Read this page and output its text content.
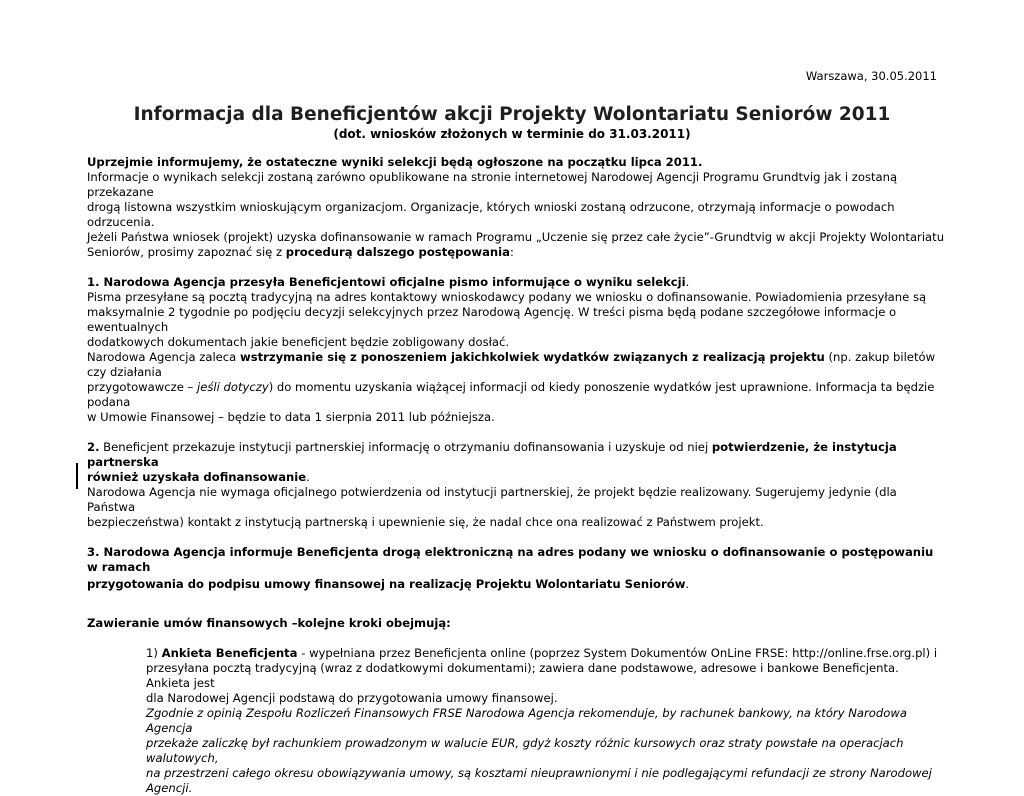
Warszawa, 30.05.2011
Informacja dla Beneficjentów akcji Projekty Wolontariatu Seniorów 2011
(dot. wniosków złożonych w terminie do 31.03.2011)

Uprzejmie informujemy, że ostateczne wyniki selekcji będą ogłoszone na początku lipca 2011.

Informacje o wynikach selekcji zostaną zarówno opublikowane na stronie internetowej Narodowej Agencji Programu Grundtvig jak i zostaną przekazane

drogą listowna wszystkim wnioskującym organizacjom. Organizacje, których wnioski zostaną odrzucone, otrzymają informacje o powodach odrzucenia.

Jeżeli Państwa wniosek (projekt) uzyska dofinansowanie w ramach Programu „Uczenie się przez całe życie”-Grundtvig w akcji Projekty Wolontariatu

Seniorów, prosimy zapoznać się z procedurą dalszego postępowania:

1. Narodowa Agencja przesyła Beneficjentowi oficjalne pismo informujące o wyniku selekcji.

Pisma przesyłane są pocztą tradycyjną na adres kontaktowy wnioskodawcy podany we wniosku o dofinansowanie. Powiadomienia przesyłane są

maksymalnie 2 tygodnie po podjęciu decyzji selekcyjnych przez Narodową Agencję. W treści pisma będą podane szczegółowe informacje o ewentualnych

dodatkowych dokumentach jakie beneficjent będzie zobligowany dosłać.

Narodowa Agencja zaleca wstrzymanie się z ponoszeniem jakichkolwiek wydatków związanych z realizacją projektu (np. zakup biletów czy działania

przygotowawcze – jeśli dotyczy) do momentu uzyskania wiążącej informacji od kiedy ponoszenie wydatków jest uprawnione. Informacja ta będzie podana

w Umowie Finansowej – będzie to data 1 sierpnia 2011 lub późniejsza.

2. Beneficjent przekazuje instytucji partnerskiej informację o otrzymaniu dofinansowania i uzyskuje od niej potwierdzenie, że instytucja partnerska

również uzyskała dofinansowanie.

Narodowa Agencja nie wymaga oficjalnego potwierdzenia od instytucji partnerskiej, że projekt będzie realizowany. Sugerujemy jedynie (dla Państwa

bezpieczeństwa) kontakt z instytucją partnerską i upewnienie się, że nadal chce ona realizować z Państwem projekt.

3. Narodowa Agencja informuje Beneficjenta drogą elektroniczną na adres podany we wniosku o dofinansowanie o postępowaniu w ramach

przygotowania do podpisu umowy finansowej na realizację Projektu Wolontariatu Seniorów.

Zawieranie umów finansowych –kolejne kroki obejmują:

1) Ankieta Beneficjenta - wypełniana przez Beneficjenta online (poprzez System Dokumentów OnLine FRSE: http://online.frse.org.pl) i

przesyłana pocztą tradycyjną (wraz z dodatkowymi dokumentami); zawiera dane podstawowe, adresowe i bankowe Beneficjenta. Ankieta jest

dla Narodowej Agencji podstawą do przygotowania umowy finansowej.

Zgodnie z opinią Zespołu Rozliczeń Finansowych FRSE Narodowa Agencja rekomenduje, by rachunek bankowy, na który Narodowa Agencja

przekaże zaliczkę był rachunkiem prowadzonym w walucie EUR, gdyż koszty różnic kursowych oraz straty powstałe na operacjach walutowych,

na przestrzeni całego okresu obowiązywania umowy, są kosztami nieuprawnionymi i nie podlegającymi refundacji ze strony Narodowej

Agencji.
